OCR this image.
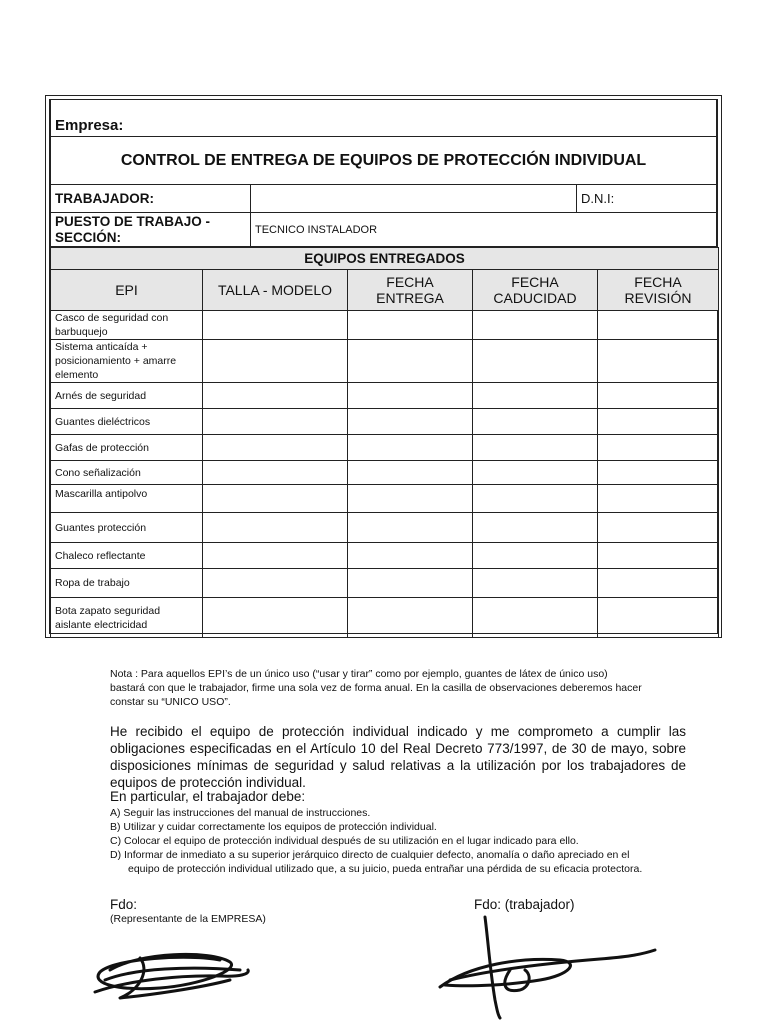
Empresa:		
CONTROL DE ENTREGA DE EQUIPOS DE PROTECCIÓN INDIVIDUAL		
TRABAJADOR:		D.N.I:
PUESTO DE TRABAJO - SECCIÓN:	TECNICO INSTALADOR	
EQUIPOS ENTREGADOS				
EPI	TALLA - MODELO	FECHA ENTREGA	FECHA CADUCIDAD	FECHA REVISIÓN
Casco de seguridad con barbuquejo				
Sistema anticaída + posicionamiento + amarre elemento				
Arnés de seguridad				
Guantes dieléctricos				
Gafas de protección				
Cono señalización				
Mascarilla antipolvo				
Guantes protección				
Chaleco reflectante				
Ropa de trabajo				
Bota zapato seguridad aislante electricidad				
Nota : Para aquellos EPI’s de un único uso (“usar y tirar” como por ejemplo, guantes de látex de único uso)
bastará con que le trabajador, firme una sola vez de forma anual. En la casilla de observaciones deberemos hacer
constar su “UNICO USO”.
He recibido el equipo de protección individual indicado y me comprometo a cumplir las obligaciones especificadas en el Artículo 10 del Real Decreto 773/1997, de 30 de mayo, sobre disposiciones mínimas de seguridad y salud relativas a la utilización por los trabajadores de equipos de protección individual.
En particular, el trabajador debe:
A) Seguir las instrucciones del manual de instrucciones.
B) Utilizar y cuidar correctamente los equipos de protección individual.
C) Colocar el equipo de protección individual después de su utilización en el lugar indicado para ello.
D) Informar de inmediato a su superior jerárquico directo de cualquier defecto, anomalía o daño apreciado en el
equipo de protección individual utilizado que, a su juicio, pueda entrañar una pérdida de su eficacia protectora.
Fdo:
(Representante de la EMPRESA)
Fdo: (trabajador)
